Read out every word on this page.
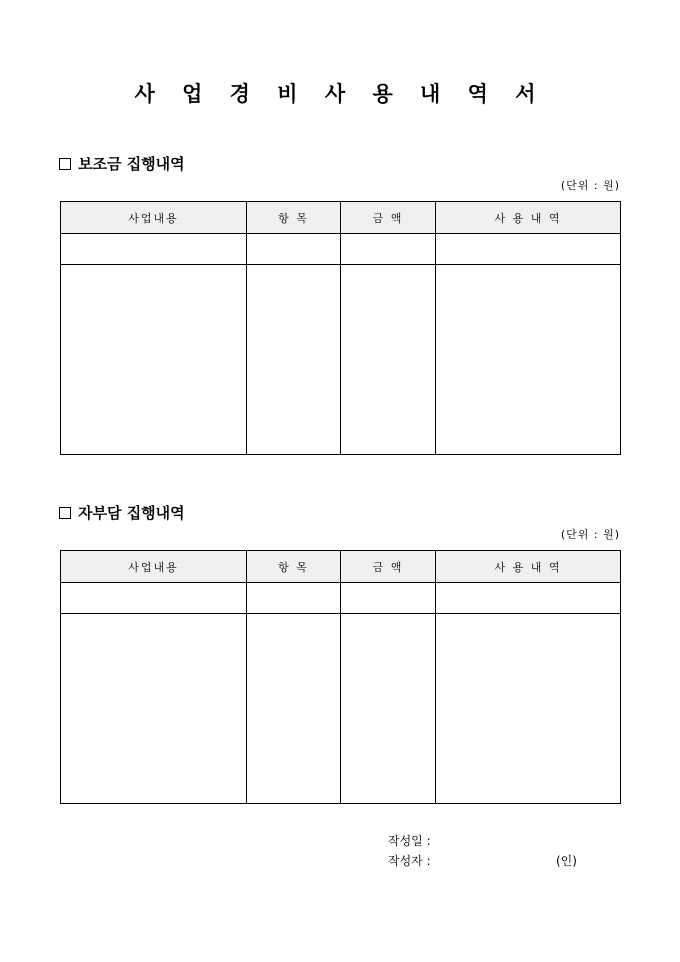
사 업 경 비 사 용 내 역 서
보조금 집행내역
(단위 : 원)
사업내용	항 목	금 액	사 용 내 역

자부담 집행내역
(단위 : 원)
사업내용	항 목	금 액	사 용 내 역

작성일 :
작성자 :	(인)
